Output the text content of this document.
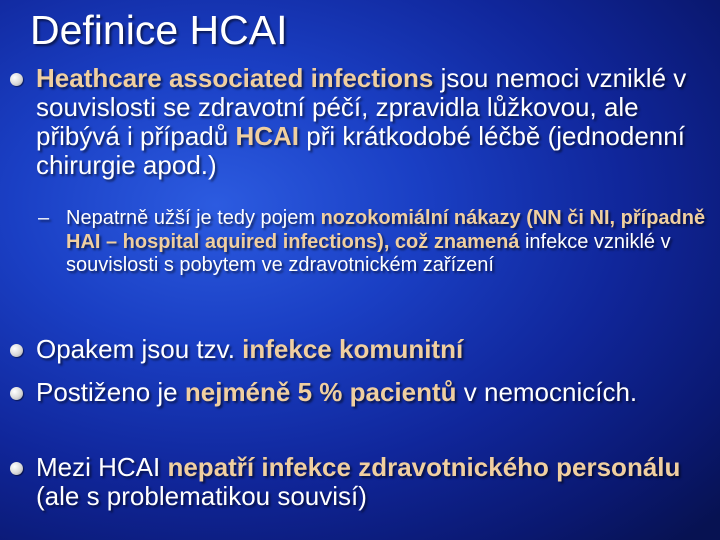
Definice HCAI
Heathcare associated infections jsou nemoci vzniklé v souvislosti se zdravotní péčí, zpravidla lůžkovou, ale přibývá i případů HCAI při krátkodobé léčbě (jednodenní chirurgie apod.)
– Nepatrně užší je tedy pojem nozokomiální nákazy (NN či NI, případně HAI – hospital aquired infections), což znamená infekce vzniklé v souvislosti s pobytem ve zdravotnickém zařízení
Opakem jsou tzv. infekce komunitní
Postiženo je nejméně 5 % pacientů v nemocnicích.
Mezi HCAI nepatří infekce zdravotnického personálu (ale s problematikou souvisí)
